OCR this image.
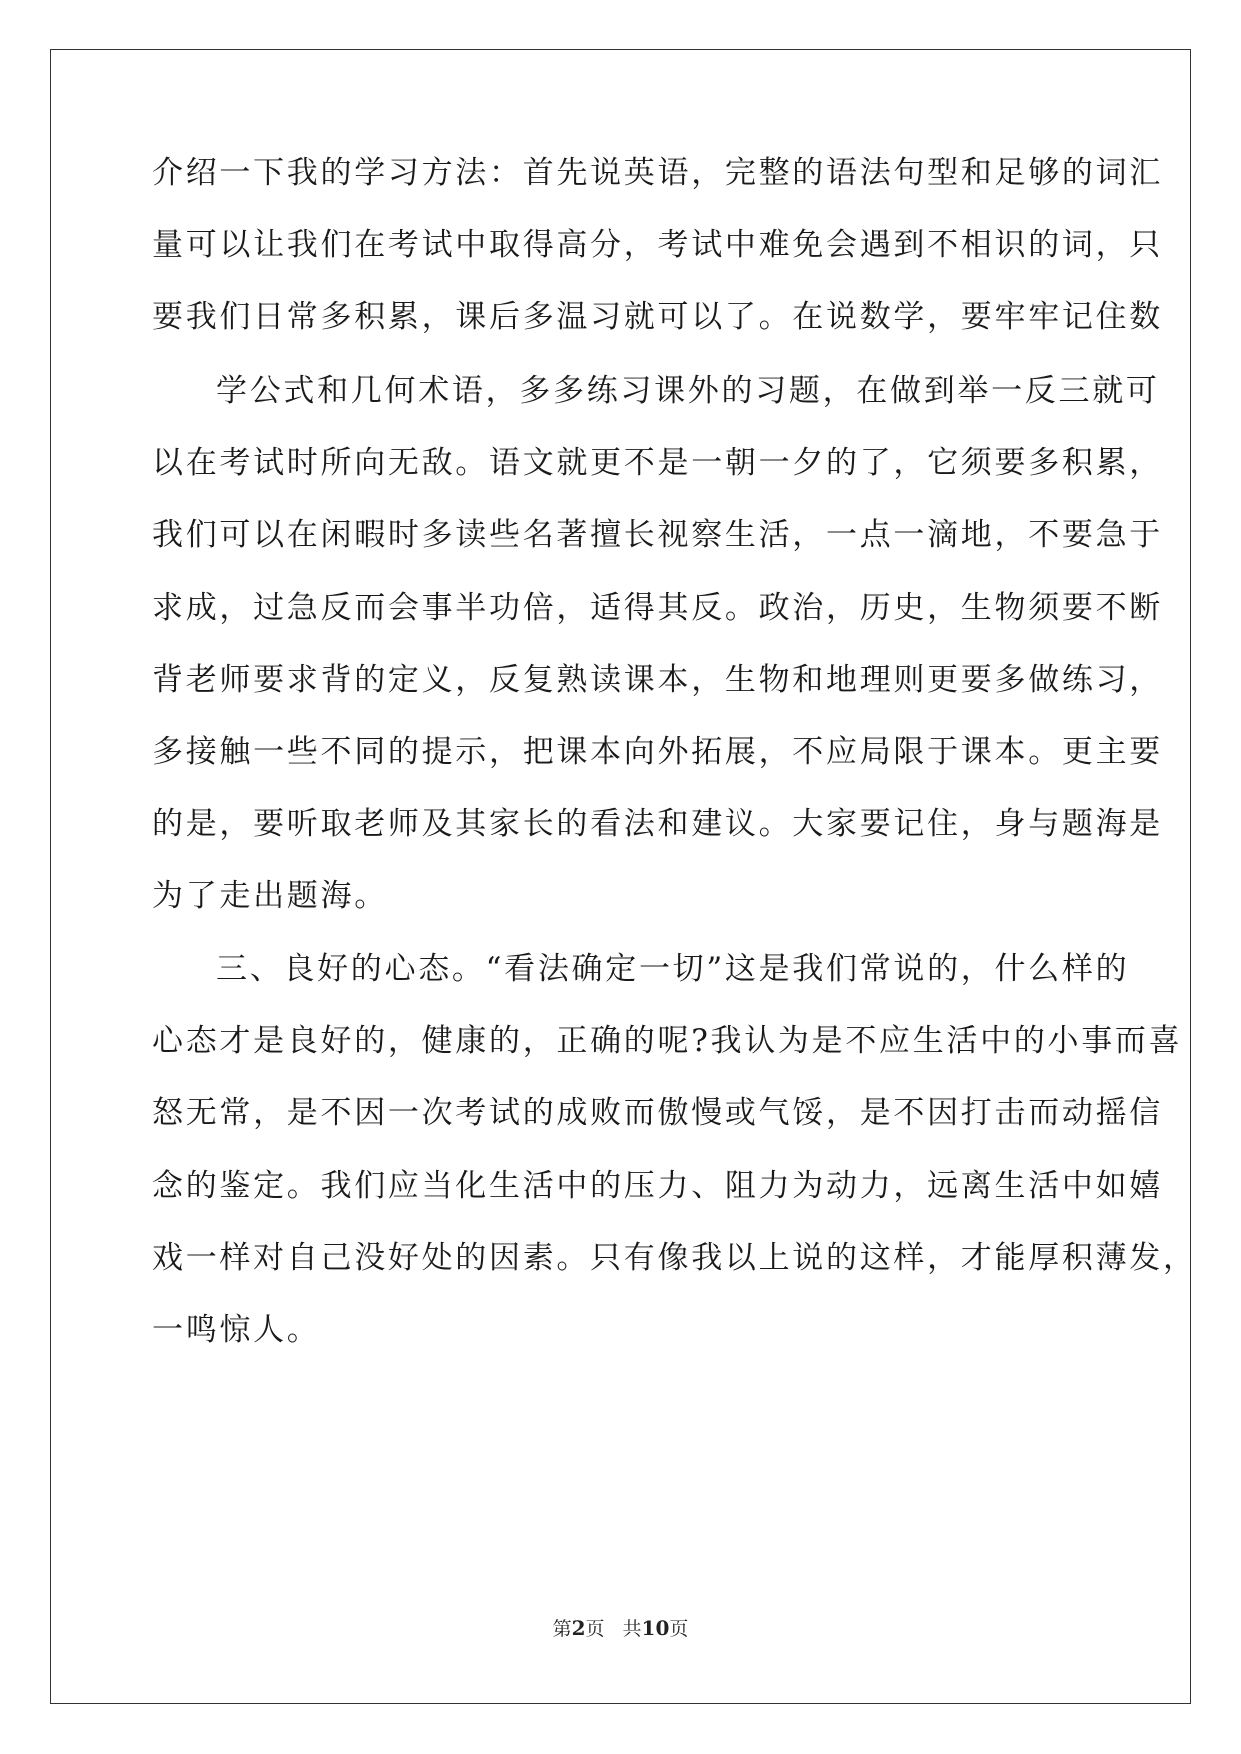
介绍一下我的学习方法：首先说英语，完整的语法句型和足够的词汇
量可以让我们在考试中取得高分，考试中难免会遇到不相识的词，只
要我们日常多积累，课后多温习就可以了。在说数学，要牢牢记住数
学公式和几何术语，多多练习课外的习题，在做到举一反三就可
以在考试时所向无敌。语文就更不是一朝一夕的了，它须要多积累，
我们可以在闲暇时多读些名著擅长视察生活，一点一滴地，不要急于
求成，过急反而会事半功倍，适得其反。政治，历史，生物须要不断
背老师要求背的定义，反复熟读课本，生物和地理则更要多做练习，
多接触一些不同的提示，把课本向外拓展，不应局限于课本。更主要
的是，要听取老师及其家长的看法和建议。大家要记住，身与题海是
为了走出题海。
三、良好的心态。“看法确定一切”这是我们常说的，什么样的
心态才是良好的，健康的，正确的呢?我认为是不应生活中的小事而喜
怒无常，是不因一次考试的成败而傲慢或气馁，是不因打击而动摇信
念的鉴定。我们应当化生活中的压力、阻力为动力，远离生活中如嬉
戏一样对自己没好处的因素。只有像我以上说的这样，才能厚积薄发，
一鸣惊人。
第2页 共10页
